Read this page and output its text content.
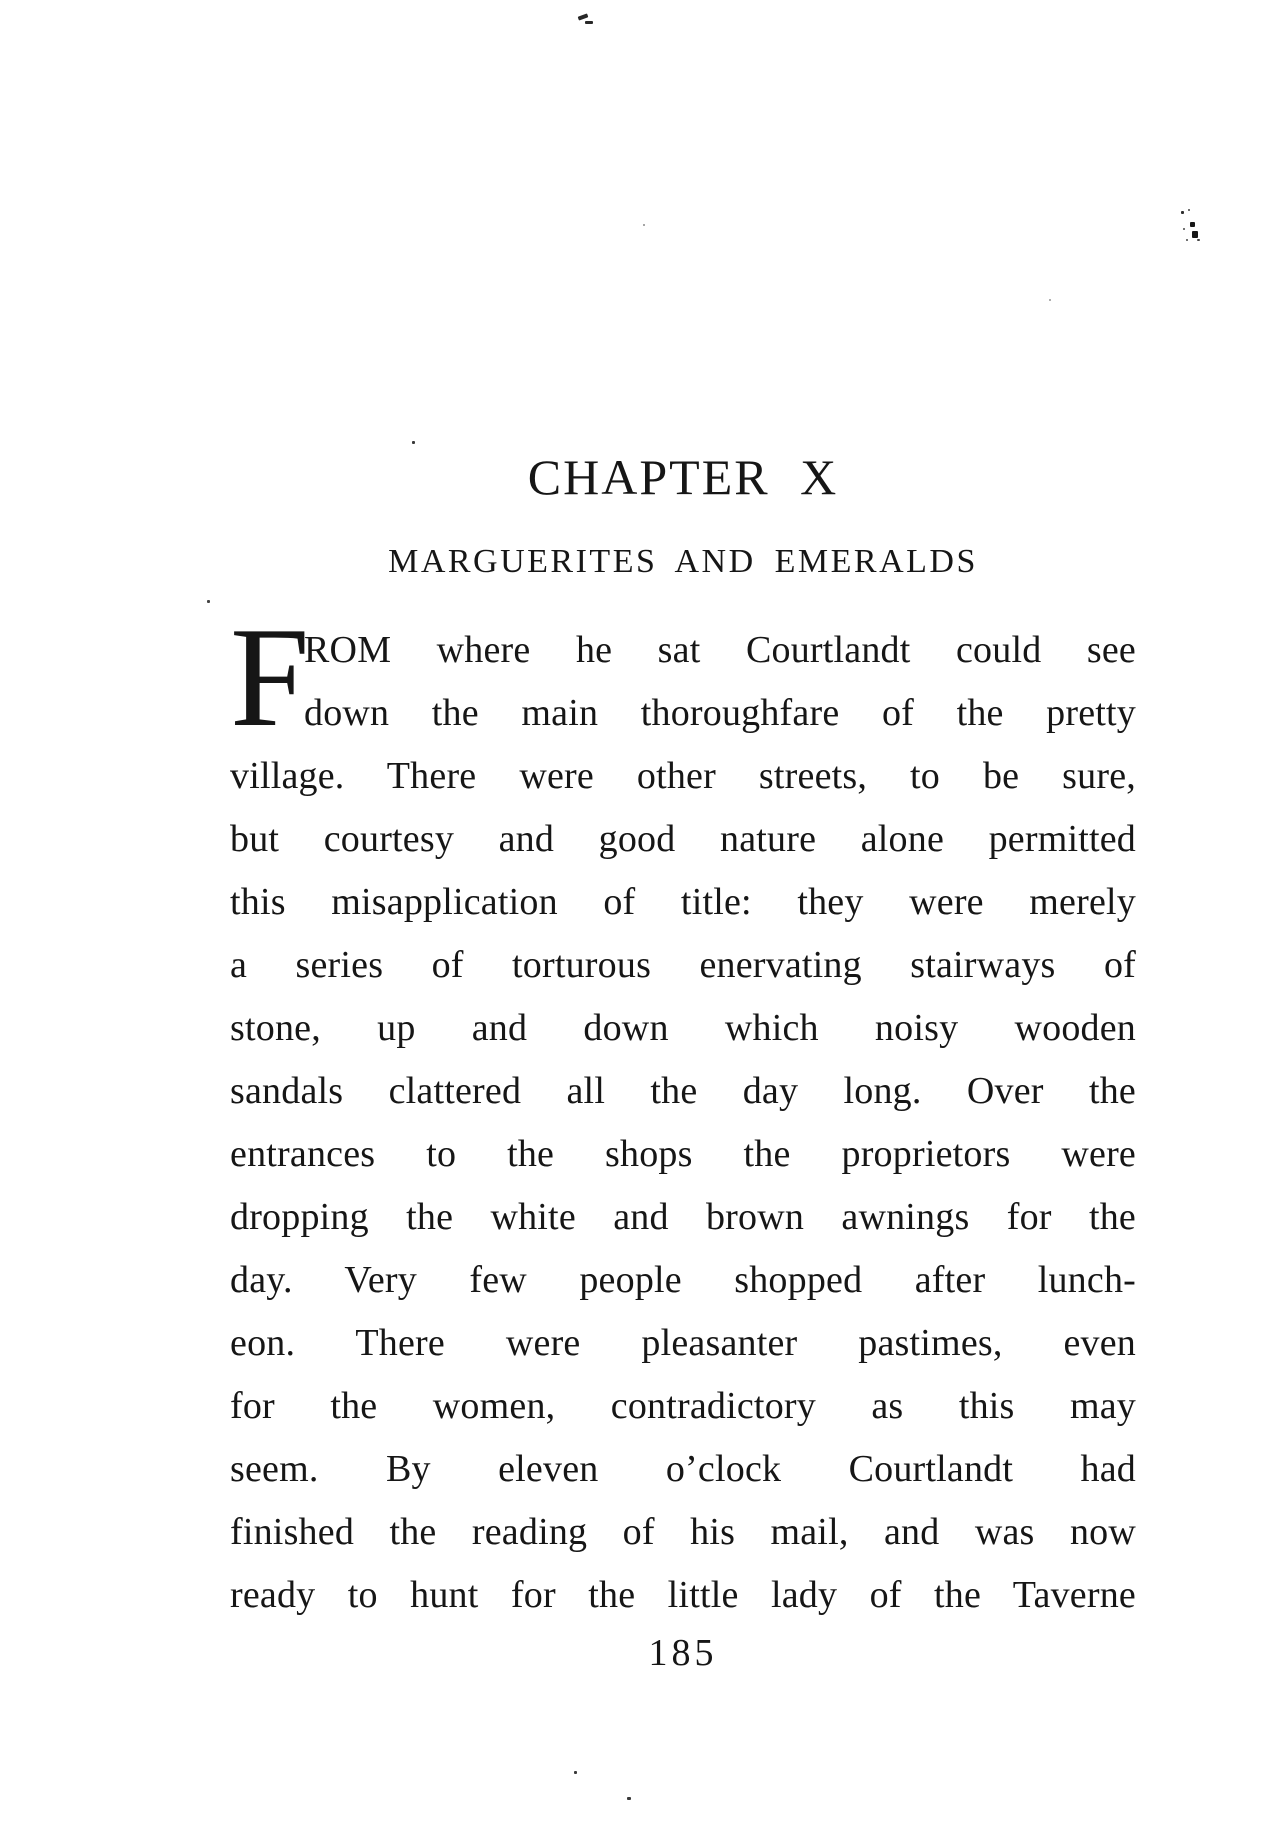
CHAPTER X
MARGUERITES AND EMERALDS
F
ROM where he sat Courtlandt could see
down the main thoroughfare of the pretty
village. There were other streets, to be sure,
but courtesy and good nature alone permitted
this misapplication of title: they were merely
a series of torturous enervating stairways of
stone, up and down which noisy wooden
sandals clattered all the day long. Over the
entrances to the shops the proprietors were
dropping the white and brown awnings for the
day. Very few people shopped after lunch-
eon. There were pleasanter pastimes, even
for the women, contradictory as this may
seem. By eleven o’clock Courtlandt had
finished the reading of his mail, and was now
ready to hunt for the little lady of the Taverne
185
